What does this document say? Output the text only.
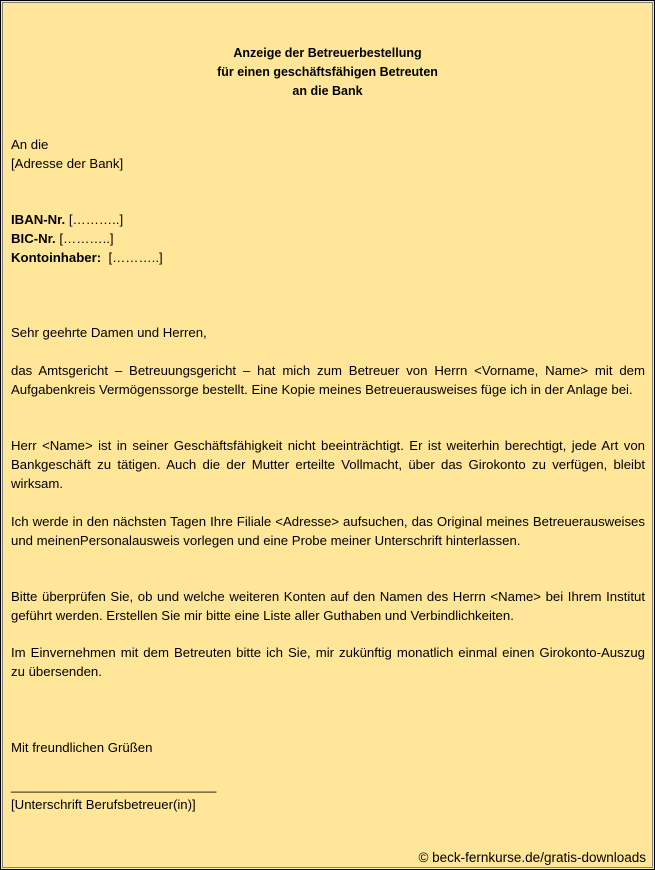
Anzeige der Betreuerbestellung
für einen geschäftsfähigen Betreuten
an die Bank
An die
[Adresse der Bank]
IBAN-Nr. [………..]
BIC-Nr. [………..]
Kontoinhaber: [………..]
Sehr geehrte Damen und Herren,
das Amtsgericht – Betreuungsgericht – hat mich zum Betreuer von Herrn <Vorname, Name> mit dem Aufgabenkreis Vermögenssorge bestellt. Eine Kopie meines Betreuerausweises füge ich in der Anlage bei.
Herr <Name> ist in seiner Geschäftsfähigkeit nicht beeinträchtigt. Er ist weiterhin berechtigt, jede Art von Bankgeschäft zu tätigen. Auch die der Mutter erteilte Vollmacht, über das Girokonto zu verfügen, bleibt wirksam.
Ich werde in den nächsten Tagen Ihre Filiale <Adresse> aufsuchen, das Original meines Betreuerausweises und meinenPersonalausweis vorlegen und eine Probe meiner Unterschrift hinterlassen.
Bitte überprüfen Sie, ob und welche weiteren Konten auf den Namen des Herrn <Name> bei Ihrem Institut geführt werden. Erstellen Sie mir bitte eine Liste aller Guthaben und Verbindlichkeiten.
Im Einvernehmen mit dem Betreuten bitte ich Sie, mir zukünftig monatlich einmal einen Girokonto-Auszug zu übersenden.
Mit freundlichen Grüßen
____________________________
[Unterschrift Berufsbetreuer(in)]
© beck-fernkurse.de/gratis-downloads
